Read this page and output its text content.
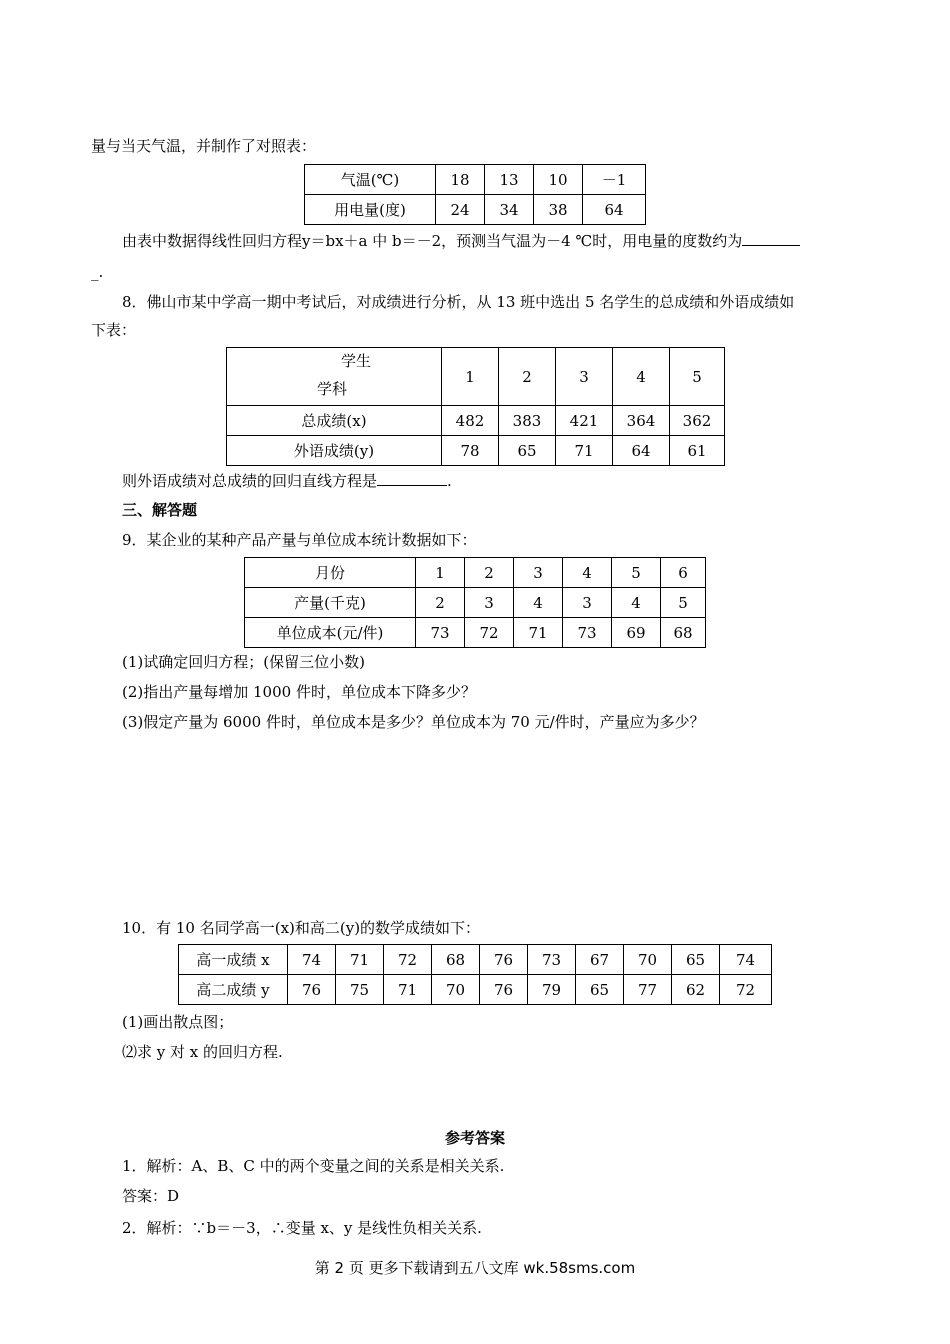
量与当天气温，并制作了对照表：
气温(℃)	18	13	10	－1
用电量(度)	24	34	38	64
由表中数据得线性回归方程y＝bx＋a 中 b＝－2，预测当气温为－4 ℃时，用电量的度数约为
_.
8．佛山市某中学高一期中考试后，对成绩进行分析，从 13 班中选出 5 名学生的总成绩和外语成绩如
下表：
学生
学科	1	2	3	4	5
总成绩(x)	482	383	421	364	362
外语成绩(y)	78	65	71	64	61
则外语成绩对总成绩的回归直线方程是	.
三、解答题
9．某企业的某种产品产量与单位成本统计数据如下：
月份	1	2	3	4	5	6
产量(千克)	2	3	4	3	4	5
单位成本(元/件)	73	72	71	73	69	68
(1)试确定回归方程；(保留三位小数)
(2)指出产量每增加 1000 件时，单位成本下降多少？
(3)假定产量为 6000 件时，单位成本是多少？单位成本为 70 元/件时，产量应为多少？
10．有 10 名同学高一(x)和高二(y)的数学成绩如下：
高一成绩 x	74	71	72	68	76	73	67	70	65	74
高二成绩 y	76	75	71	70	76	79	65	77	62	72
(1)画出散点图；
⑵求 y 对 x 的回归方程.
参考答案
1．解析：A、B、C 中的两个变量之间的关系是相关关系.
答案：D
2．解析：∵b＝－3，∴变量 x、y 是线性负相关关系.
第 2 页 更多下载请到五八文库 wk.58sms.com
